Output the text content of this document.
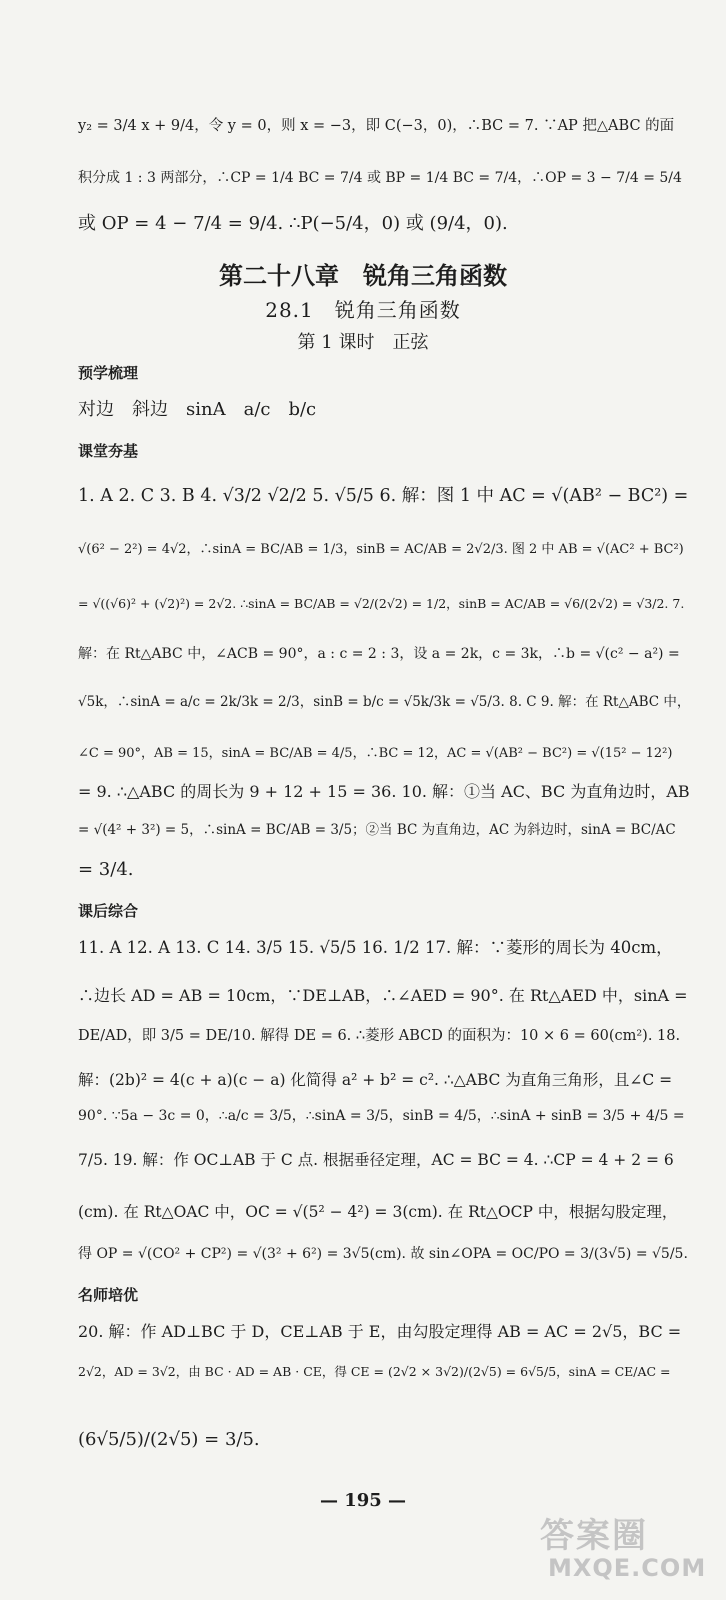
y₂ = 3/4 x + 9/4，令 y = 0，则 x = −3，即 C(−3，0)，∴BC = 7. ∵AP 把△ABC 的面
积分成 1 : 3 两部分，∴CP = 1/4 BC = 7/4 或 BP = 1/4 BC = 7/4，∴OP = 3 − 7/4 = 5/4
或 OP = 4 − 7/4 = 9/4. ∴P(−5/4，0) 或 (9/4，0).
第二十八章　锐角三角函数
28.1　锐角三角函数
第 1 课时　正弦
预学梳理
对边　斜边　sinA　a/c　b/c
课堂夯基
1. A 2. C 3. B 4. √3/2 √2/2 5. √5/5 6. 解：图 1 中 AC = √(AB² − BC²) =
√(6² − 2²) = 4√2，∴sinA = BC/AB = 1/3，sinB = AC/AB = 2√2/3. 图 2 中 AB = √(AC² + BC²)
= √((√6)² + (√2)²) = 2√2. ∴sinA = BC/AB = √2/(2√2) = 1/2，sinB = AC/AB = √6/(2√2) = √3/2. 7.
解：在 Rt△ABC 中，∠ACB = 90°，a : c = 2 : 3，设 a = 2k，c = 3k，∴b = √(c² − a²) =
√5k，∴sinA = a/c = 2k/3k = 2/3，sinB = b/c = √5k/3k = √5/3. 8. C 9. 解：在 Rt△ABC 中，
∠C = 90°，AB = 15，sinA = BC/AB = 4/5，∴BC = 12，AC = √(AB² − BC²) = √(15² − 12²)
= 9. ∴△ABC 的周长为 9 + 12 + 15 = 36. 10. 解：①当 AC、BC 为直角边时，AB
= √(4² + 3²) = 5，∴sinA = BC/AB = 3/5；②当 BC 为直角边，AC 为斜边时，sinA = BC/AC
= 3/4.
课后综合
11. A 12. A 13. C 14. 3/5 15. √5/5 16. 1/2 17. 解：∵菱形的周长为 40cm，
∴边长 AD = AB = 10cm，∵DE⊥AB，∴∠AED = 90°. 在 Rt△AED 中，sinA =
DE/AD，即 3/5 = DE/10. 解得 DE = 6. ∴菱形 ABCD 的面积为：10 × 6 = 60(cm²). 18.
解：(2b)² = 4(c + a)(c − a) 化简得 a² + b² = c². ∴△ABC 为直角三角形，且∠C =
90°. ∵5a − 3c = 0，∴a/c = 3/5，∴sinA = 3/5，sinB = 4/5，∴sinA + sinB = 3/5 + 4/5 =
7/5. 19. 解：作 OC⊥AB 于 C 点. 根据垂径定理，AC = BC = 4. ∴CP = 4 + 2 = 6
(cm). 在 Rt△OAC 中，OC = √(5² − 4²) = 3(cm). 在 Rt△OCP 中，根据勾股定理，
得 OP = √(CO² + CP²) = √(3² + 6²) = 3√5(cm). 故 sin∠OPA = OC/PO = 3/(3√5) = √5/5.
名师培优
20. 解：作 AD⊥BC 于 D，CE⊥AB 于 E，由勾股定理得 AB = AC = 2√5，BC =
2√2，AD = 3√2，由 BC · AD = AB · CE，得 CE = (2√2 × 3√2)/(2√5) = 6√5/5，sinA = CE/AC =
(6√5/5)/(2√5) = 3/5.
— 195 —
答案圈
MXQE.COM
